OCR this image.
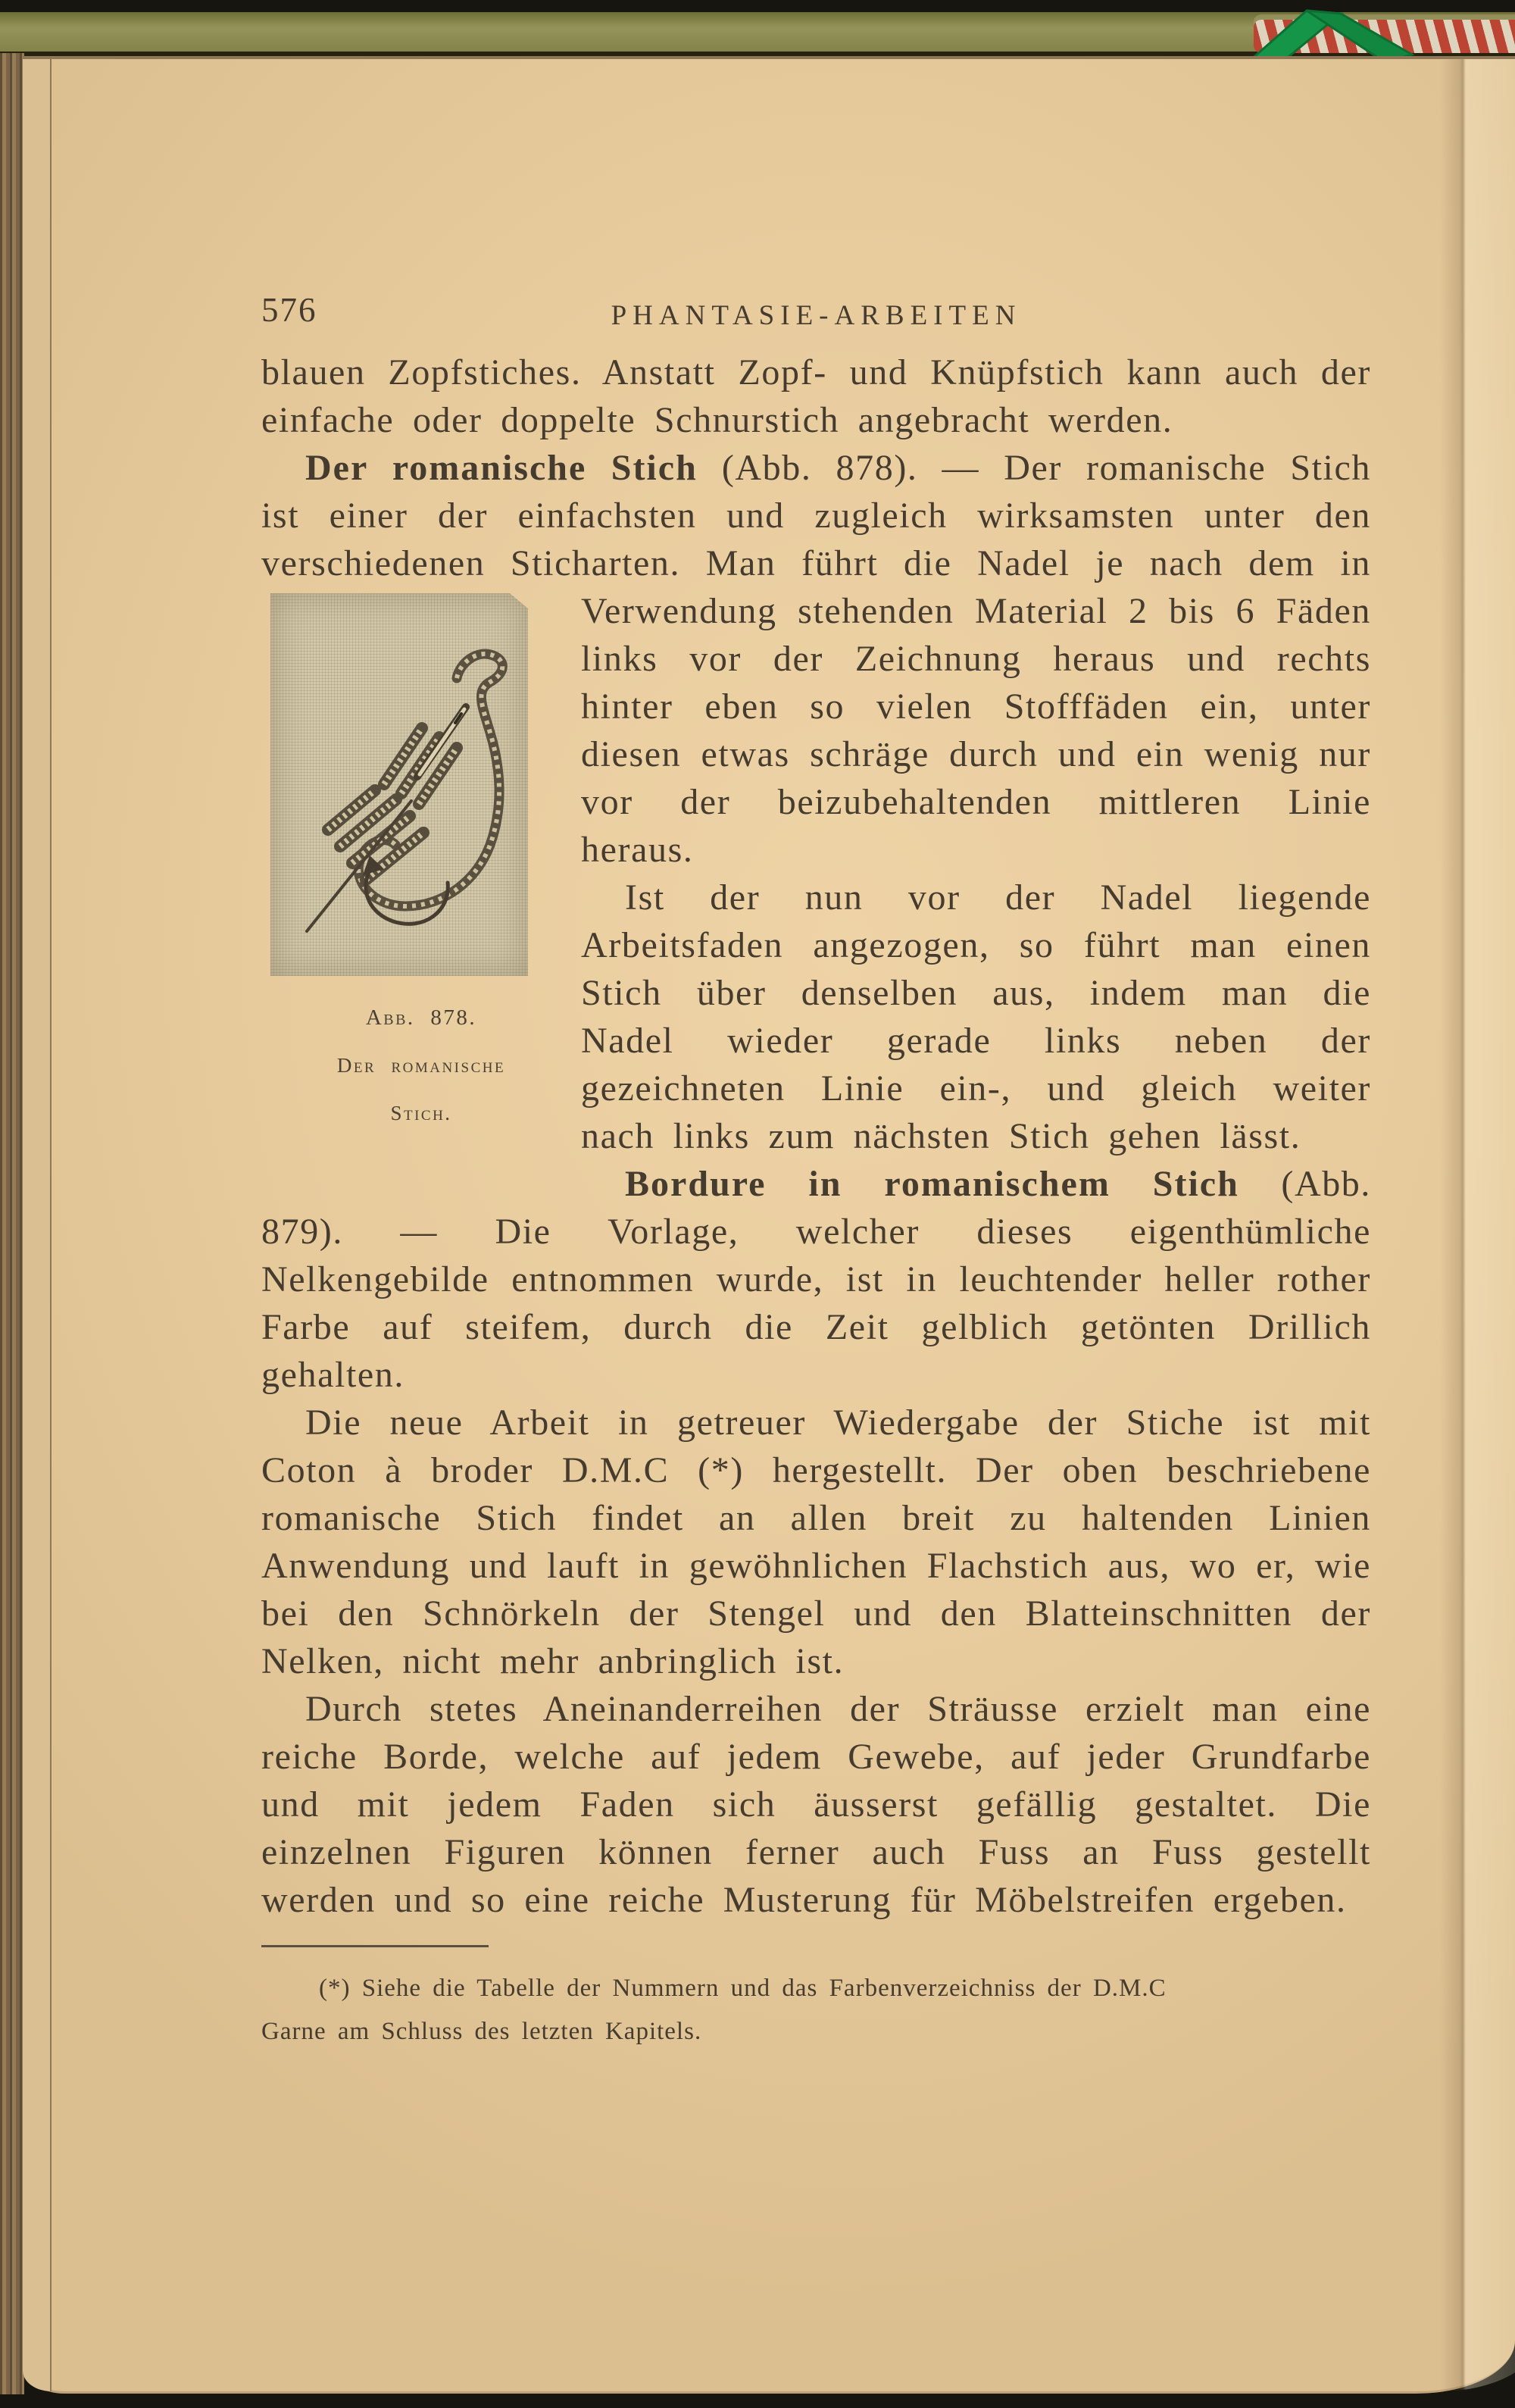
576	PHANTASIE-ARBEITEN

blauen Zopfstiches. Anstatt Zopf- und Knüpfstich kann auch der einfache oder doppelte Schnurstich angebracht werden.

Der romanische Stich (Abb. 878). — Der romanische Stich ist einer der einfachsten und zugleich wirksamsten unter den verschiedenen Sticharten. Man führt die Nadel je nach dem in Verwendung stehenden Material 2 bis 6 Fäden
Abb. 878.
Der romanische
Stich.
links vor der Zeichnung heraus und rechts hinter eben so vielen Stofffäden ein, unter diesen etwas schräge durch und ein wenig nur vor der beizubehaltenden mittleren Linie heraus.

Ist der nun vor der Nadel liegende Arbeitsfaden angezogen, so führt man einen Stich über denselben aus, indem man die Nadel wieder gerade links neben der gezeichneten Linie ein-, und gleich weiter nach links zum nächsten Stich gehen lässt.

Bordure in romanischem Stich (Abb. 879). — Die Vorlage, welcher dieses eigenthümliche Nelkengebilde entnommen wurde, ist in leuchtender heller rother Farbe auf steifem, durch die Zeit gelblich getönten Drillich gehalten.

Die neue Arbeit in getreuer Wiedergabe der Stiche ist mit Coton à broder D.M.C (*) hergestellt. Der oben beschriebene romanische Stich findet an allen breit zu haltenden Linien Anwendung und lauft in gewöhnlichen Flachstich aus, wo er, wie bei den Schnörkeln der Stengel und den Blatteinschnitten der Nelken, nicht mehr anbringlich ist.

Durch stetes Aneinanderreihen der Sträusse erzielt man eine reiche Borde, welche auf jedem Gewebe, auf jeder Grundfarbe und mit jedem Faden sich äusserst gefällig gestaltet. Die einzelnen Figuren können ferner auch Fuss an Fuss gestellt werden und so eine reiche Musterung für Möbelstreifen ergeben.

(*) Siehe die Tabelle der Nummern und das Farbenverzeichniss der D.M.C
Garne am Schluss des letzten Kapitels.
